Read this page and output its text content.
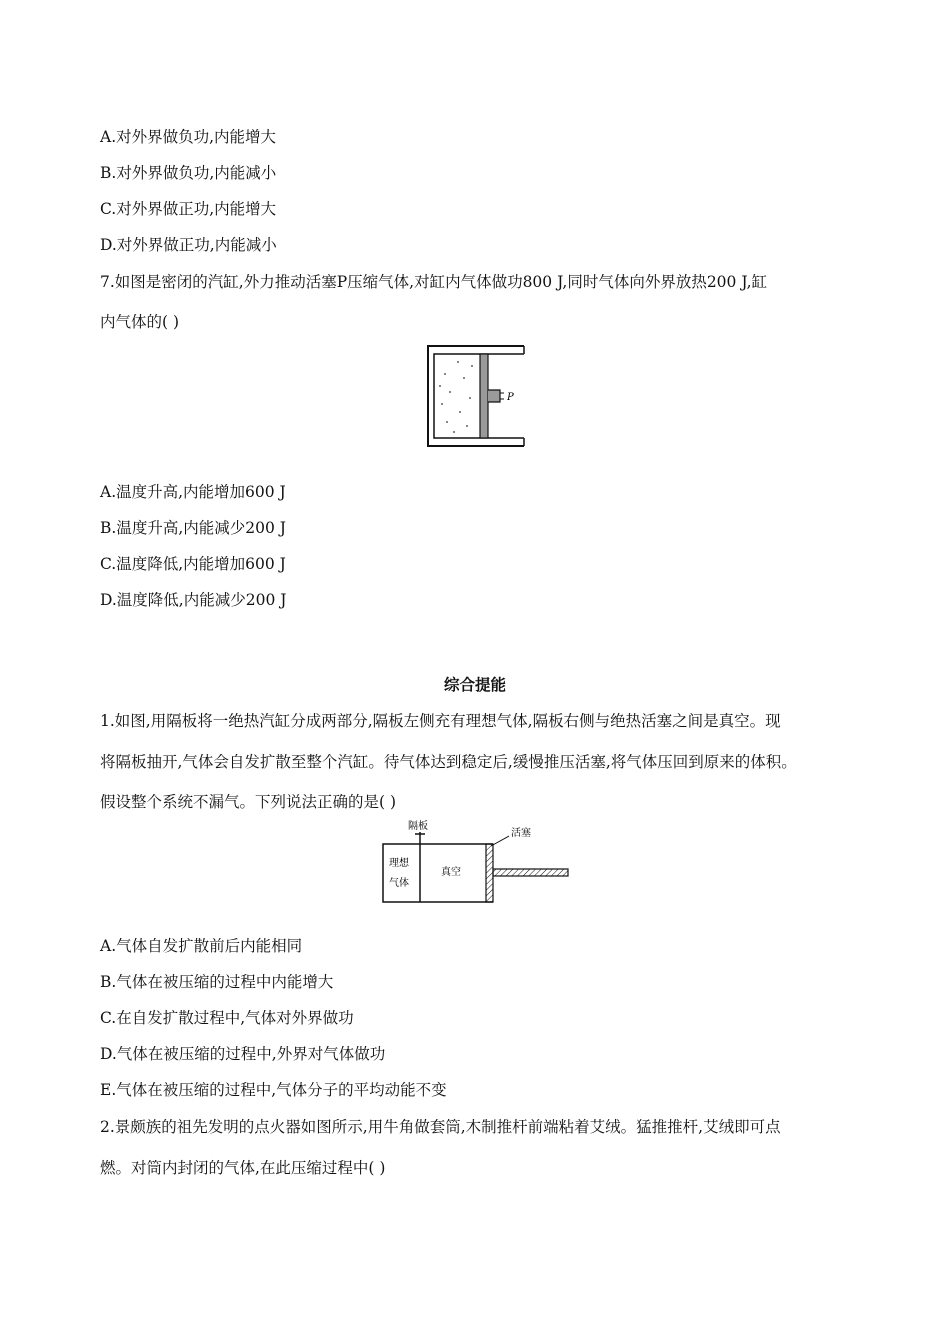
A.对外界做负功,内能增大
B.对外界做负功,内能减小
C.对外界做正功,内能增大
D.对外界做正功,内能减小
7.如图是密闭的汽缸,外力推动活塞P压缩气体,对缸内气体做功800 J,同时气体向外界放热200 J,缸
内气体的( )
P
A.温度升高,内能增加600 J
B.温度升高,内能减少200 J
C.温度降低,内能增加600 J
D.温度降低,内能减少200 J
综合提能
1.如图,用隔板将一绝热汽缸分成两部分,隔板左侧充有理想气体,隔板右侧与绝热活塞之间是真空。现
将隔板抽开,气体会自发扩散至整个汽缸。待气体达到稳定后,缓慢推压活塞,将气体压回到原来的体积。
假设整个系统不漏气。下列说法正确的是( )
隔板
理想
气体
真空
活塞
A.气体自发扩散前后内能相同
B.气体在被压缩的过程中内能增大
C.在自发扩散过程中,气体对外界做功
D.气体在被压缩的过程中,外界对气体做功
E.气体在被压缩的过程中,气体分子的平均动能不变
2.景颇族的祖先发明的点火器如图所示,用牛角做套筒,木制推杆前端粘着艾绒。猛推推杆,艾绒即可点
燃。对筒内封闭的气体,在此压缩过程中( )
